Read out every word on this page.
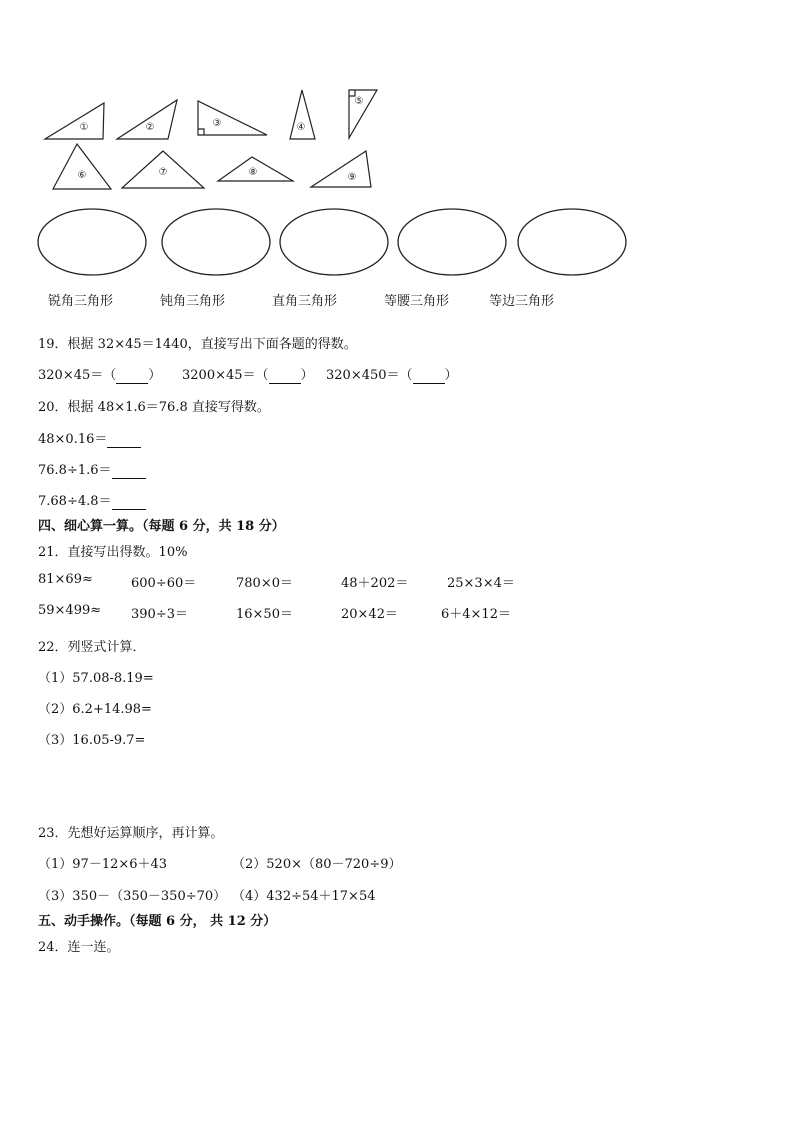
①	②	③	④
⑤
⑥	⑦	⑧	⑨
锐角三角形	钝角三角形	直角三角形	等腰三角形	等边三角形
19．根据 32×45＝1440，直接写出下面各题的得数。
320×45＝（ ） 3200×45＝（ ） 320×450＝（ ）
20．根据 48×1.6＝76.8 直接写得数。
48×0.16＝
76.8÷1.6＝
7.68÷4.8＝
四、细心算一算。（每题 6 分，共 18 分）
21．直接写出得数。10%
81×69≈	600÷60＝	780×0＝	48＋202＝	25×3×4＝
59×499≈ 390÷3＝	16×50＝	20×42＝	6＋4×12＝
22．列竖式计算．
（1）57.08-8.19=
（2）6.2+14.98=
（3）16.05-9.7=
23．先想好运算顺序，再计算。
（1）97－12×6＋43	（2）520×（80－720÷9）
（3）350－（350－350÷70） （4）432÷54＋17×54
五、动手操作。（每题 6 分， 共 12 分）
24．连一连。
